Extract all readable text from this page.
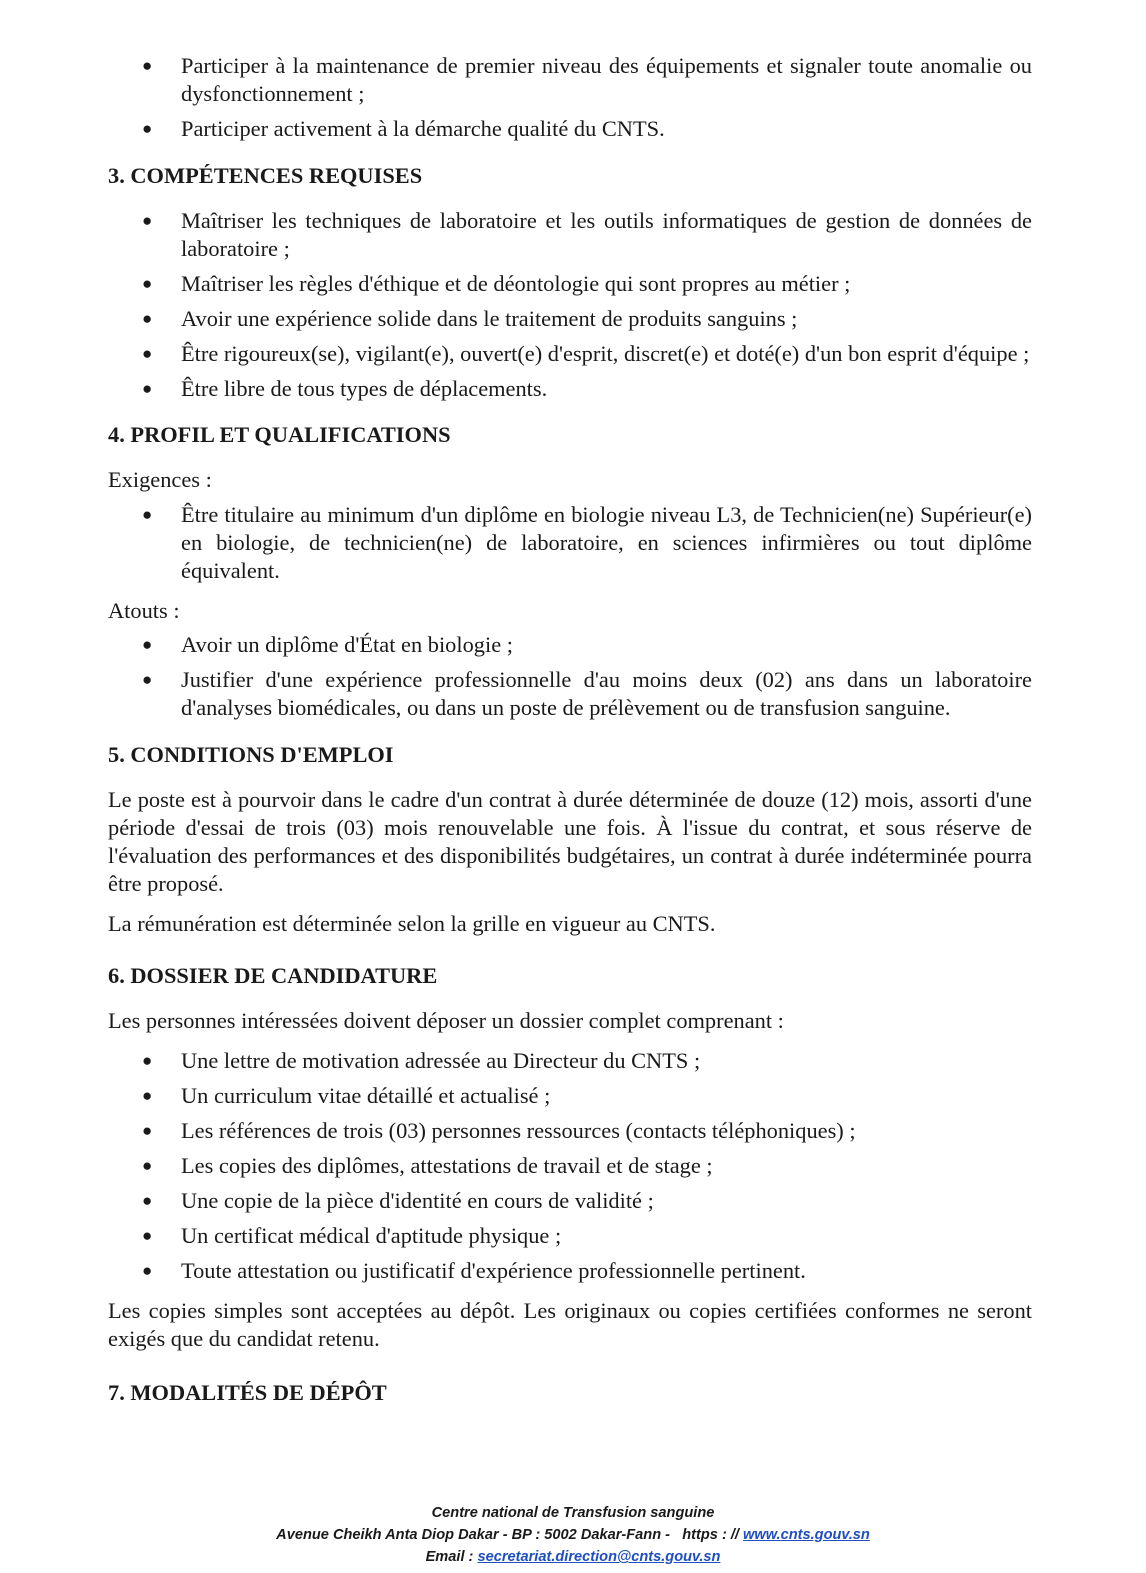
● Participer à la maintenance de premier niveau des équipements et signaler toute anomalie ou dysfonctionnement ;
● Participer activement à la démarche qualité du CNTS.
3. COMPÉTENCES REQUISES
● Maîtriser les techniques de laboratoire et les outils informatiques de gestion de données de laboratoire ;
● Maîtriser les règles d'éthique et de déontologie qui sont propres au métier ;
● Avoir une expérience solide dans le traitement de produits sanguins ;
● Être rigoureux(se), vigilant(e), ouvert(e) d'esprit, discret(e) et doté(e) d'un bon esprit d'équipe ;
● Être libre de tous types de déplacements.
4. PROFIL ET QUALIFICATIONS

Exigences :

● Être titulaire au minimum d'un diplôme en biologie niveau L3, de Technicien(ne) Supérieur(e) en biologie, de technicien(ne) de laboratoire, en sciences infirmières ou tout diplôme équivalent.

Atouts :

● Avoir un diplôme d'État en biologie ;
● Justifier d'une expérience professionnelle d'au moins deux (02) ans dans un laboratoire d'analyses biomédicales, ou dans un poste de prélèvement ou de transfusion sanguine.
5. CONDITIONS D'EMPLOI

Le poste est à pourvoir dans le cadre d'un contrat à durée déterminée de douze (12) mois, assorti d'une période d'essai de trois (03) mois renouvelable une fois. À l'issue du contrat, et sous réserve de l'évaluation des performances et des disponibilités budgétaires, un contrat à durée indéterminée pourra être proposé.

La rémunération est déterminée selon la grille en vigueur au CNTS.

6. DOSSIER DE CANDIDATURE

Les personnes intéressées doivent déposer un dossier complet comprenant :

● Une lettre de motivation adressée au Directeur du CNTS ;
● Un curriculum vitae détaillé et actualisé ;
● Les références de trois (03) personnes ressources (contacts téléphoniques) ;
● Les copies des diplômes, attestations de travail et de stage ;
● Une copie de la pièce d'identité en cours de validité ;
● Un certificat médical d'aptitude physique ;
● Toute attestation ou justificatif d'expérience professionnelle pertinent.

Les copies simples sont acceptées au dépôt. Les originaux ou copies certifiées conformes ne seront exigés que du candidat retenu.

7. MODALITÉS DE DÉPÔT
Centre national de Transfusion sanguine
Avenue Cheikh Anta Diop Dakar - BP : 5002 Dakar-Fann - https : // www.cnts.gouv.sn
Email : secretariat.direction@cnts.gouv.sn
